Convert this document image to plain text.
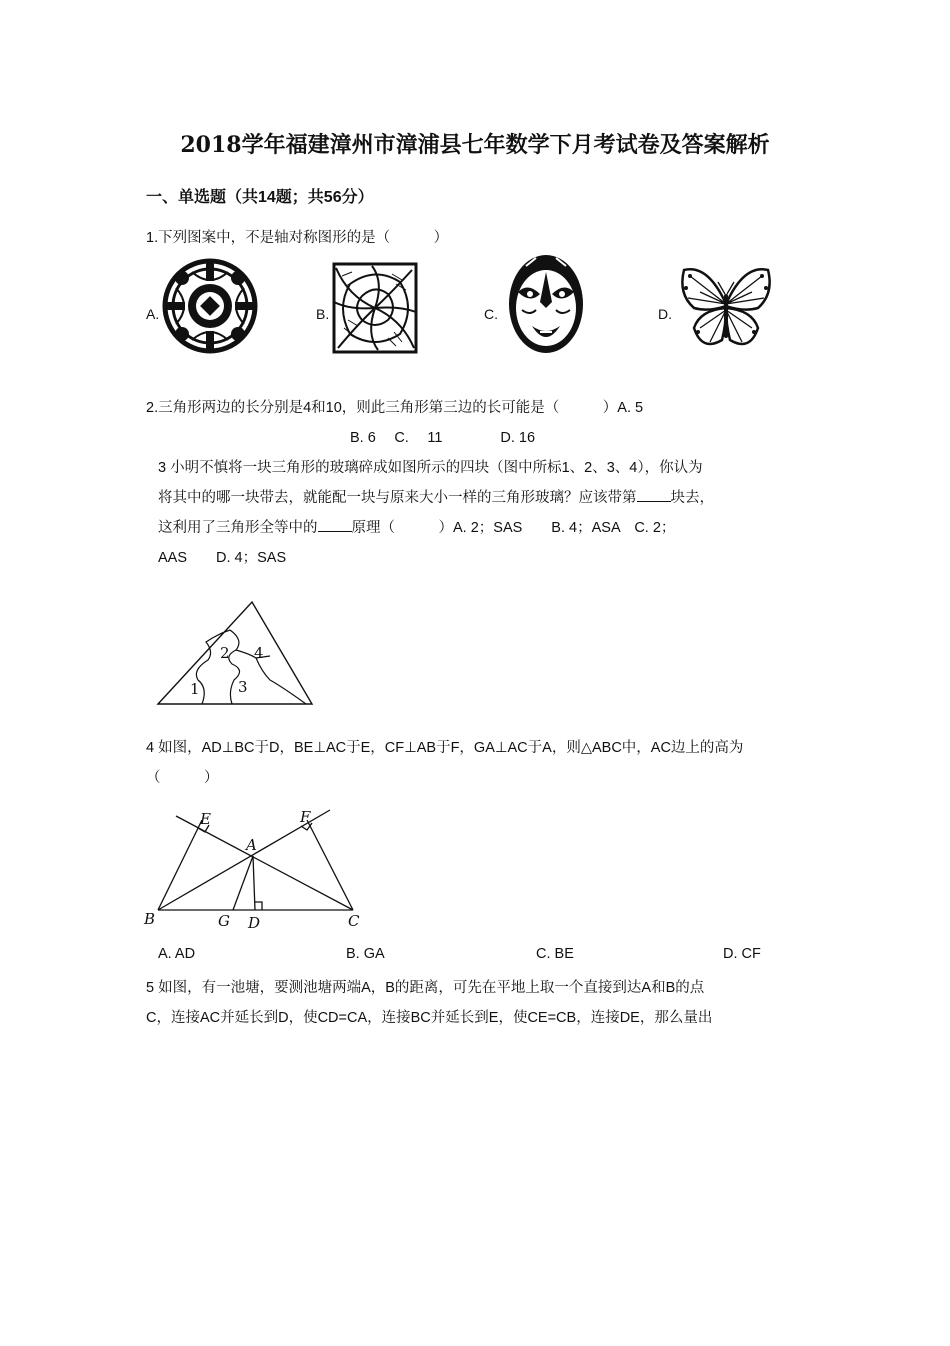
2018学年福建漳州市漳浦县七年数学下月考试卷及答案解析
一、单选题（共14题；共56分）
1.下列图案中，不是轴对称图形的是（　　　）
A.	B.	C.	D.
2.三角形两边的长分别是4和10，则此三角形第三边的长可能是（　　　）A. 5
B. 6　 C.　 11　　　　D. 16
3 小明不慎将一块三角形的玻璃碎成如图所示的四块（图中所标1、2、3、4），你认为
将其中的哪一块带去，就能配一块与原来大小一样的三角形玻璃？应该带第 块去，
这利用了三角形全等中的 原理（　　　）A. 2；SAS　　B. 4；ASA　C. 2；
AAS　　D. 4；SAS
1
2
3
4
4 如图，AD⊥BC于D，BE⊥AC于E，CF⊥AB于F，GA⊥AC于A，则△ABC中，AC边上的高为
（　　　）
E	F
A
B	G D	C
A. AD	B. GA	C. BE	D. CF
5 如图，有一池塘，要测池塘两端A，B的距离，可先在平地上取一个直接到达A和B的点
C，连接AC并延长到D，使CD=CA，连接BC并延长到E，使CE=CB，连接DE，那么量出
